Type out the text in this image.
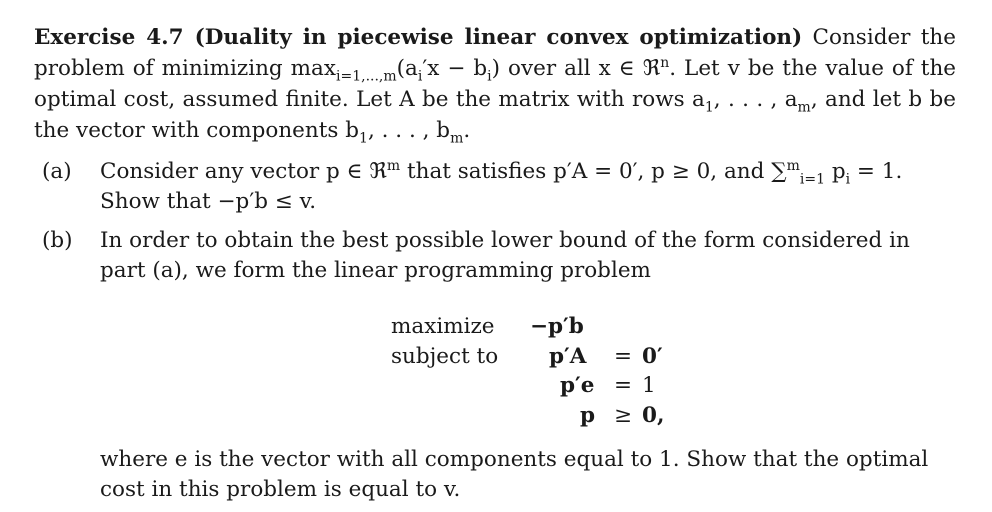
Exercise 4.7 (Duality in piecewise linear convex optimization) Consider the problem of minimizing $\max_{i=1,...,m}(a_i'x - b_i)$ over all x ∈ ℜ$^n$. Let v be the value of the optimal cost, assumed finite. Let A be the matrix with rows $a_1$, . . . , $a_m$, and let b be the vector with components $b_1$, . . . , $b_m$.
(a) Consider any vector p ∈ ℜ$^m$ that satisfies p′A = 0′, p ≥ 0, and ∑$^m_{i=1}$ $p_i = 1$. Show that −p′b ≤ v.
(b) In order to obtain the best possible lower bound of the form considered in part (a), we form the linear programming problem
maximize −p′b
subject to p′A = 0′
p′e = 1
p ≥ 0,
where e is the vector with all components equal to 1. Show that the optimal cost in this problem is equal to v.
